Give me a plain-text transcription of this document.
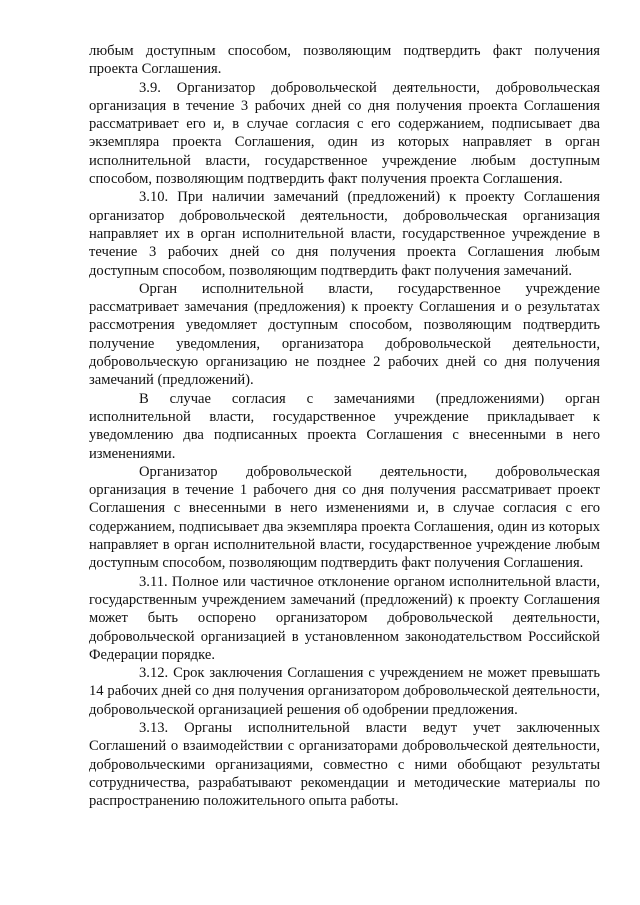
любым доступным способом, позволяющим подтвердить факт получения проекта Соглашения.

3.9. Организатор добровольческой деятельности, добровольческая организация в течение 3 рабочих дней со дня получения проекта Соглашения рассматривает его и, в случае согласия с его содержанием, подписывает два экземпляра проекта Соглашения, один из которых направляет в орган исполнительной власти, государственное учреждение любым доступным способом, позволяющим подтвердить факт получения проекта Соглашения.

3.10. При наличии замечаний (предложений) к проекту Соглашения организатор добровольческой деятельности, добровольческая организация направляет их в орган исполнительной власти, государственное учреждение в течение 3 рабочих дней со дня получения проекта Соглашения любым доступным способом, позволяющим подтвердить факт получения замечаний.

Орган исполнительной власти, государственное учреждение рассматривает замечания (предложения) к проекту Соглашения и о результатах рассмотрения уведомляет доступным способом, позволяющим подтвердить получение уведомления, организатора добровольческой деятельности, добровольческую организацию не позднее 2 рабочих дней со дня получения замечаний (предложений).

В случае согласия с замечаниями (предложениями) орган исполнительной власти, государственное учреждение прикладывает к уведомлению два подписанных проекта Соглашения с внесенными в него изменениями.

Организатор добровольческой деятельности, добровольческая организация в течение 1 рабочего дня со дня получения рассматривает проект Соглашения с внесенными в него изменениями и, в случае согласия с его содержанием, подписывает два экземпляра проекта Соглашения, один из которых направляет в орган исполнительной власти, государственное учреждение любым доступным способом, позволяющим подтвердить факт получения Соглашения.

3.11. Полное или частичное отклонение органом исполнительной власти, государственным учреждением замечаний (предложений) к проекту Соглашения может быть оспорено организатором добровольческой деятельности, добровольческой организацией в установленном законодательством Российской Федерации порядке.

3.12. Срок заключения Соглашения с учреждением не может превышать 14 рабочих дней со дня получения организатором добровольческой деятельности, добровольческой организацией решения об одобрении предложения.

3.13. Органы исполнительной власти ведут учет заключенных Соглашений о взаимодействии с организаторами добровольческой деятельности, добровольческими организациями, совместно с ними обобщают результаты сотрудничества, разрабатывают рекомендации и методические материалы по распространению положительного опыта работы.
